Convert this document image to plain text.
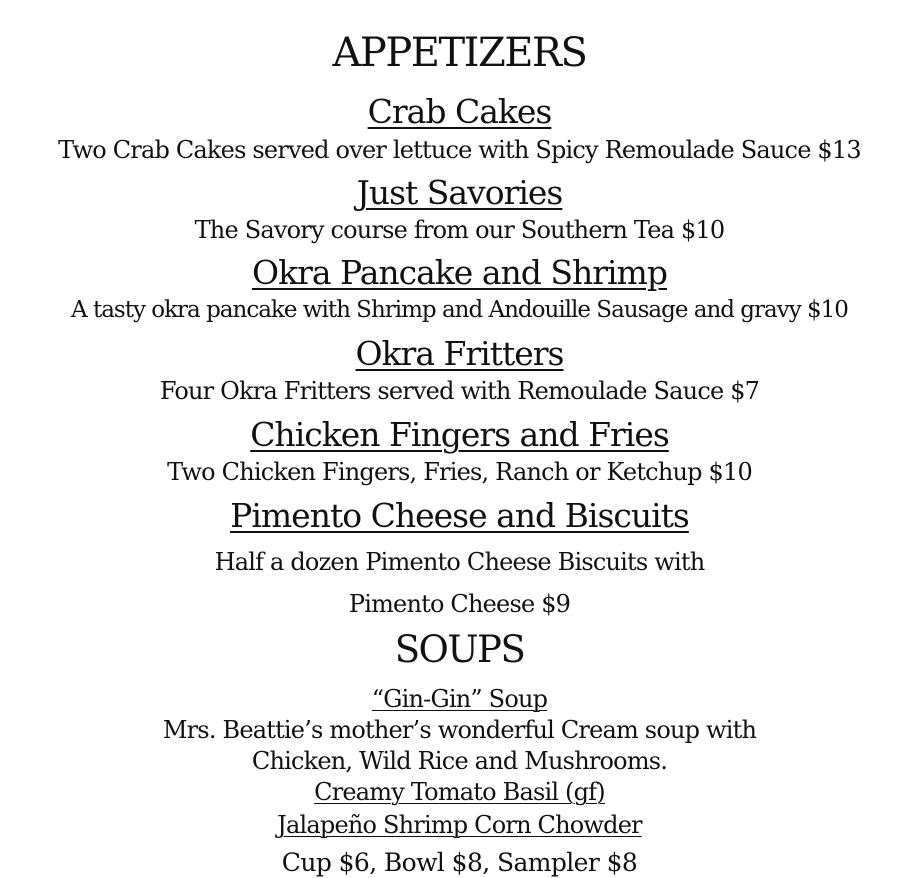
APPETIZERS
Crab Cakes
Two Crab Cakes served over lettuce with Spicy Remoulade Sauce $13
Just Savories
The Savory course from our Southern Tea $10
Okra Pancake and Shrimp
A tasty okra pancake with Shrimp and Andouille Sausage and gravy $10
Okra Fritters
Four Okra Fritters served with Remoulade Sauce $7
Chicken Fingers and Fries
Two Chicken Fingers, Fries, Ranch or Ketchup $10
Pimento Cheese and Biscuits
Half a dozen Pimento Cheese Biscuits with
Pimento Cheese $9
SOUPS
“Gin-Gin” Soup
Mrs. Beattie’s mother’s wonderful Cream soup with
Chicken, Wild Rice and Mushrooms.
Creamy Tomato Basil (gf)
Jalapeño Shrimp Corn Chowder
Cup $6, Bowl $8, Sampler $8
